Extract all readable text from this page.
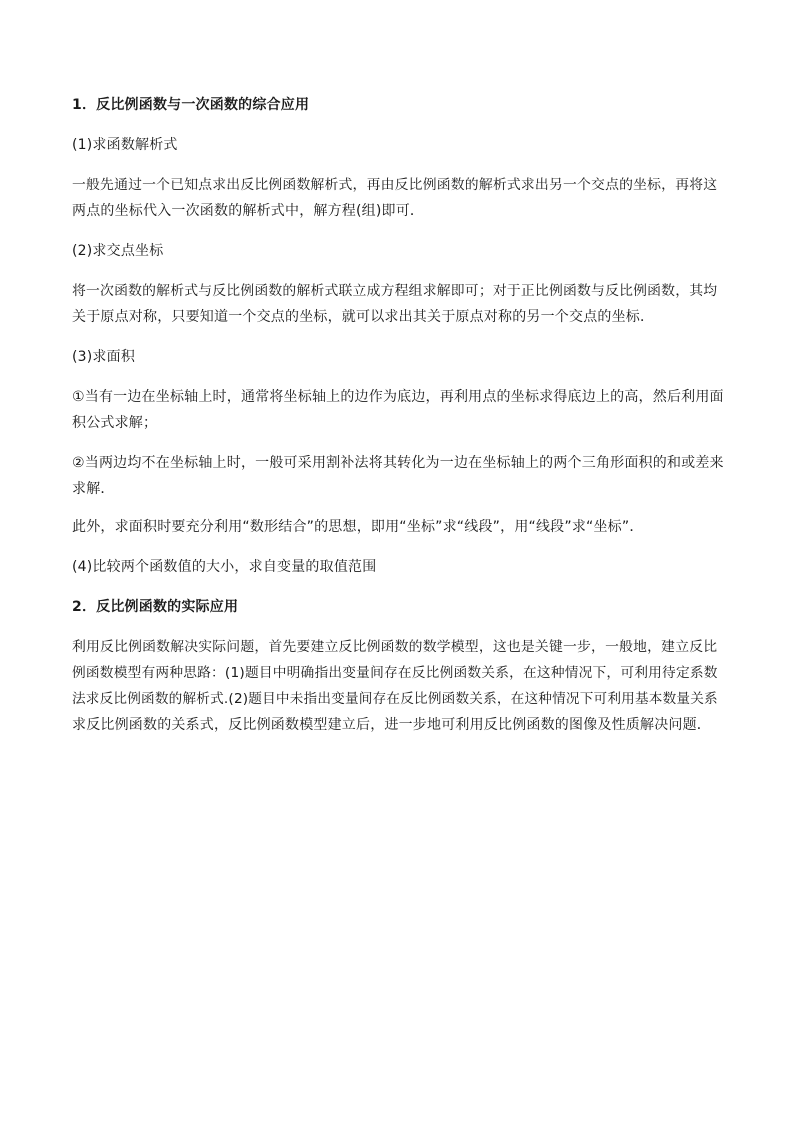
1．反比例函数与一次函数的综合应用
(1)求函数解析式
一般先通过一个已知点求出反比例函数解析式，再由反比例函数的解析式求出另一个交点的坐标，再将这
两点的坐标代入一次函数的解析式中，解方程(组)即可．
(2)求交点坐标
将一次函数的解析式与反比例函数的解析式联立成方程组求解即可；对于正比例函数与反比例函数，其均
关于原点对称，只要知道一个交点的坐标，就可以求出其关于原点对称的另一个交点的坐标．
(3)求面积
①当有一边在坐标轴上时，通常将坐标轴上的边作为底边，再利用点的坐标求得底边上的高，然后利用面
积公式求解；
②当两边均不在坐标轴上时，一般可采用割补法将其转化为一边在坐标轴上的两个三角形面积的和或差来
求解．
此外，求面积时要充分利用“数形结合”的思想，即用“坐标”求“线段”，用“线段”求“坐标”．
(4)比较两个函数值的大小，求自变量的取值范围
2．反比例函数的实际应用
利用反比例函数解决实际问题，首先要建立反比例函数的数学模型，这也是关键一步，一般地，建立反比
例函数模型有两种思路：(1)题目中明确指出变量间存在反比例函数关系，在这种情况下，可利用待定系数
法求反比例函数的解析式.(2)题目中未指出变量间存在反比例函数关系，在这种情况下可利用基本数量关系
求反比例函数的关系式，反比例函数模型建立后，进一步地可利用反比例函数的图像及性质解决问题．
